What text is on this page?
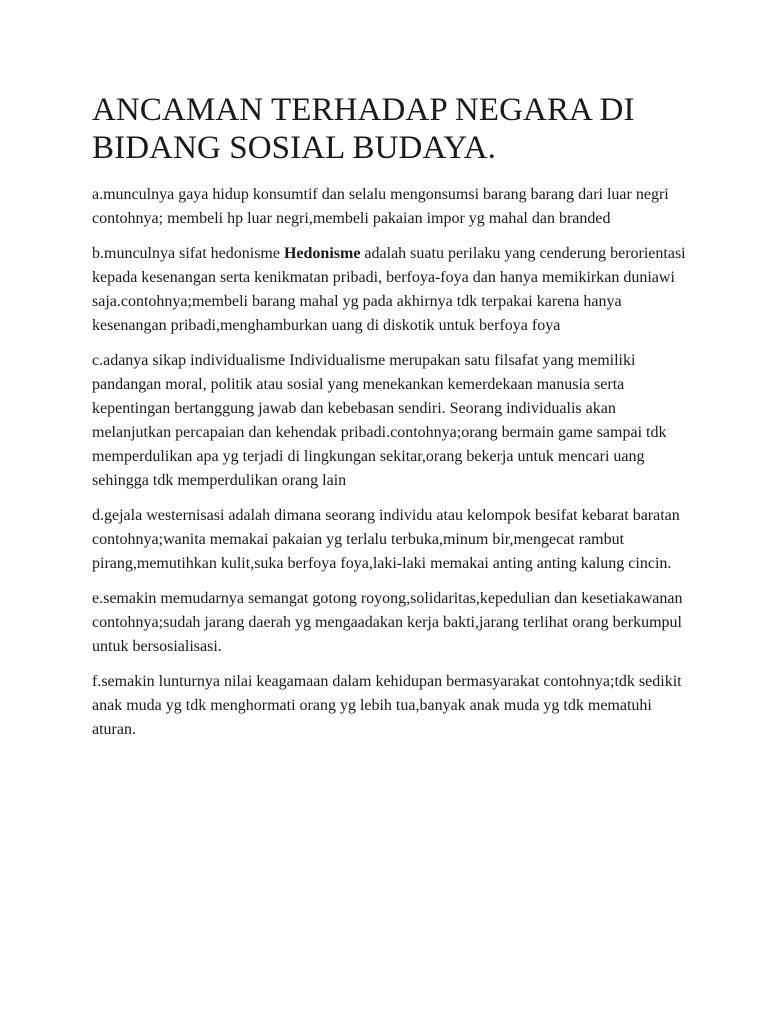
ANCAMAN TERHADAP NEGARA DI BIDANG SOSIAL BUDAYA.

a.munculnya gaya hidup konsumtif dan selalu mengonsumsi barang barang dari luar negri contohnya; membeli hp luar negri,membeli pakaian impor yg mahal dan branded

b.munculnya sifat hedonisme Hedonisme adalah suatu perilaku yang cenderung berorientasi kepada kesenangan serta kenikmatan pribadi, berfoya-foya dan hanya memikirkan duniawi saja.contohnya;membeli barang mahal yg pada akhirnya tdk terpakai karena hanya kesenangan pribadi,menghamburkan uang di diskotik untuk berfoya foya

c.adanya sikap individualisme Individualisme merupakan satu filsafat yang memiliki pandangan moral, politik atau sosial yang menekankan kemerdekaan manusia serta kepentingan bertanggung jawab dan kebebasan sendiri. Seorang individualis akan melanjutkan percapaian dan kehendak pribadi.contohnya;orang bermain game sampai tdk memperdulikan apa yg terjadi di lingkungan sekitar,orang bekerja untuk mencari uang sehingga tdk memperdulikan orang lain

d.gejala westernisasi adalah dimana seorang individu atau kelompok besifat kebarat baratan contohnya;wanita memakai pakaian yg terlalu terbuka,minum bir,mengecat rambut pirang,memutihkan kulit,suka berfoya foya,laki-laki memakai anting anting kalung cincin.

e.semakin memudarnya semangat gotong royong,solidaritas,kepedulian dan kesetiakawanan contohnya;sudah jarang daerah yg mengaadakan kerja bakti,jarang terlihat orang berkumpul untuk bersosialisasi.

f.semakin lunturnya nilai keagamaan dalam kehidupan bermasyarakat contohnya;tdk sedikit anak muda yg tdk menghormati orang yg lebih tua,banyak anak muda yg tdk mematuhi aturan.
